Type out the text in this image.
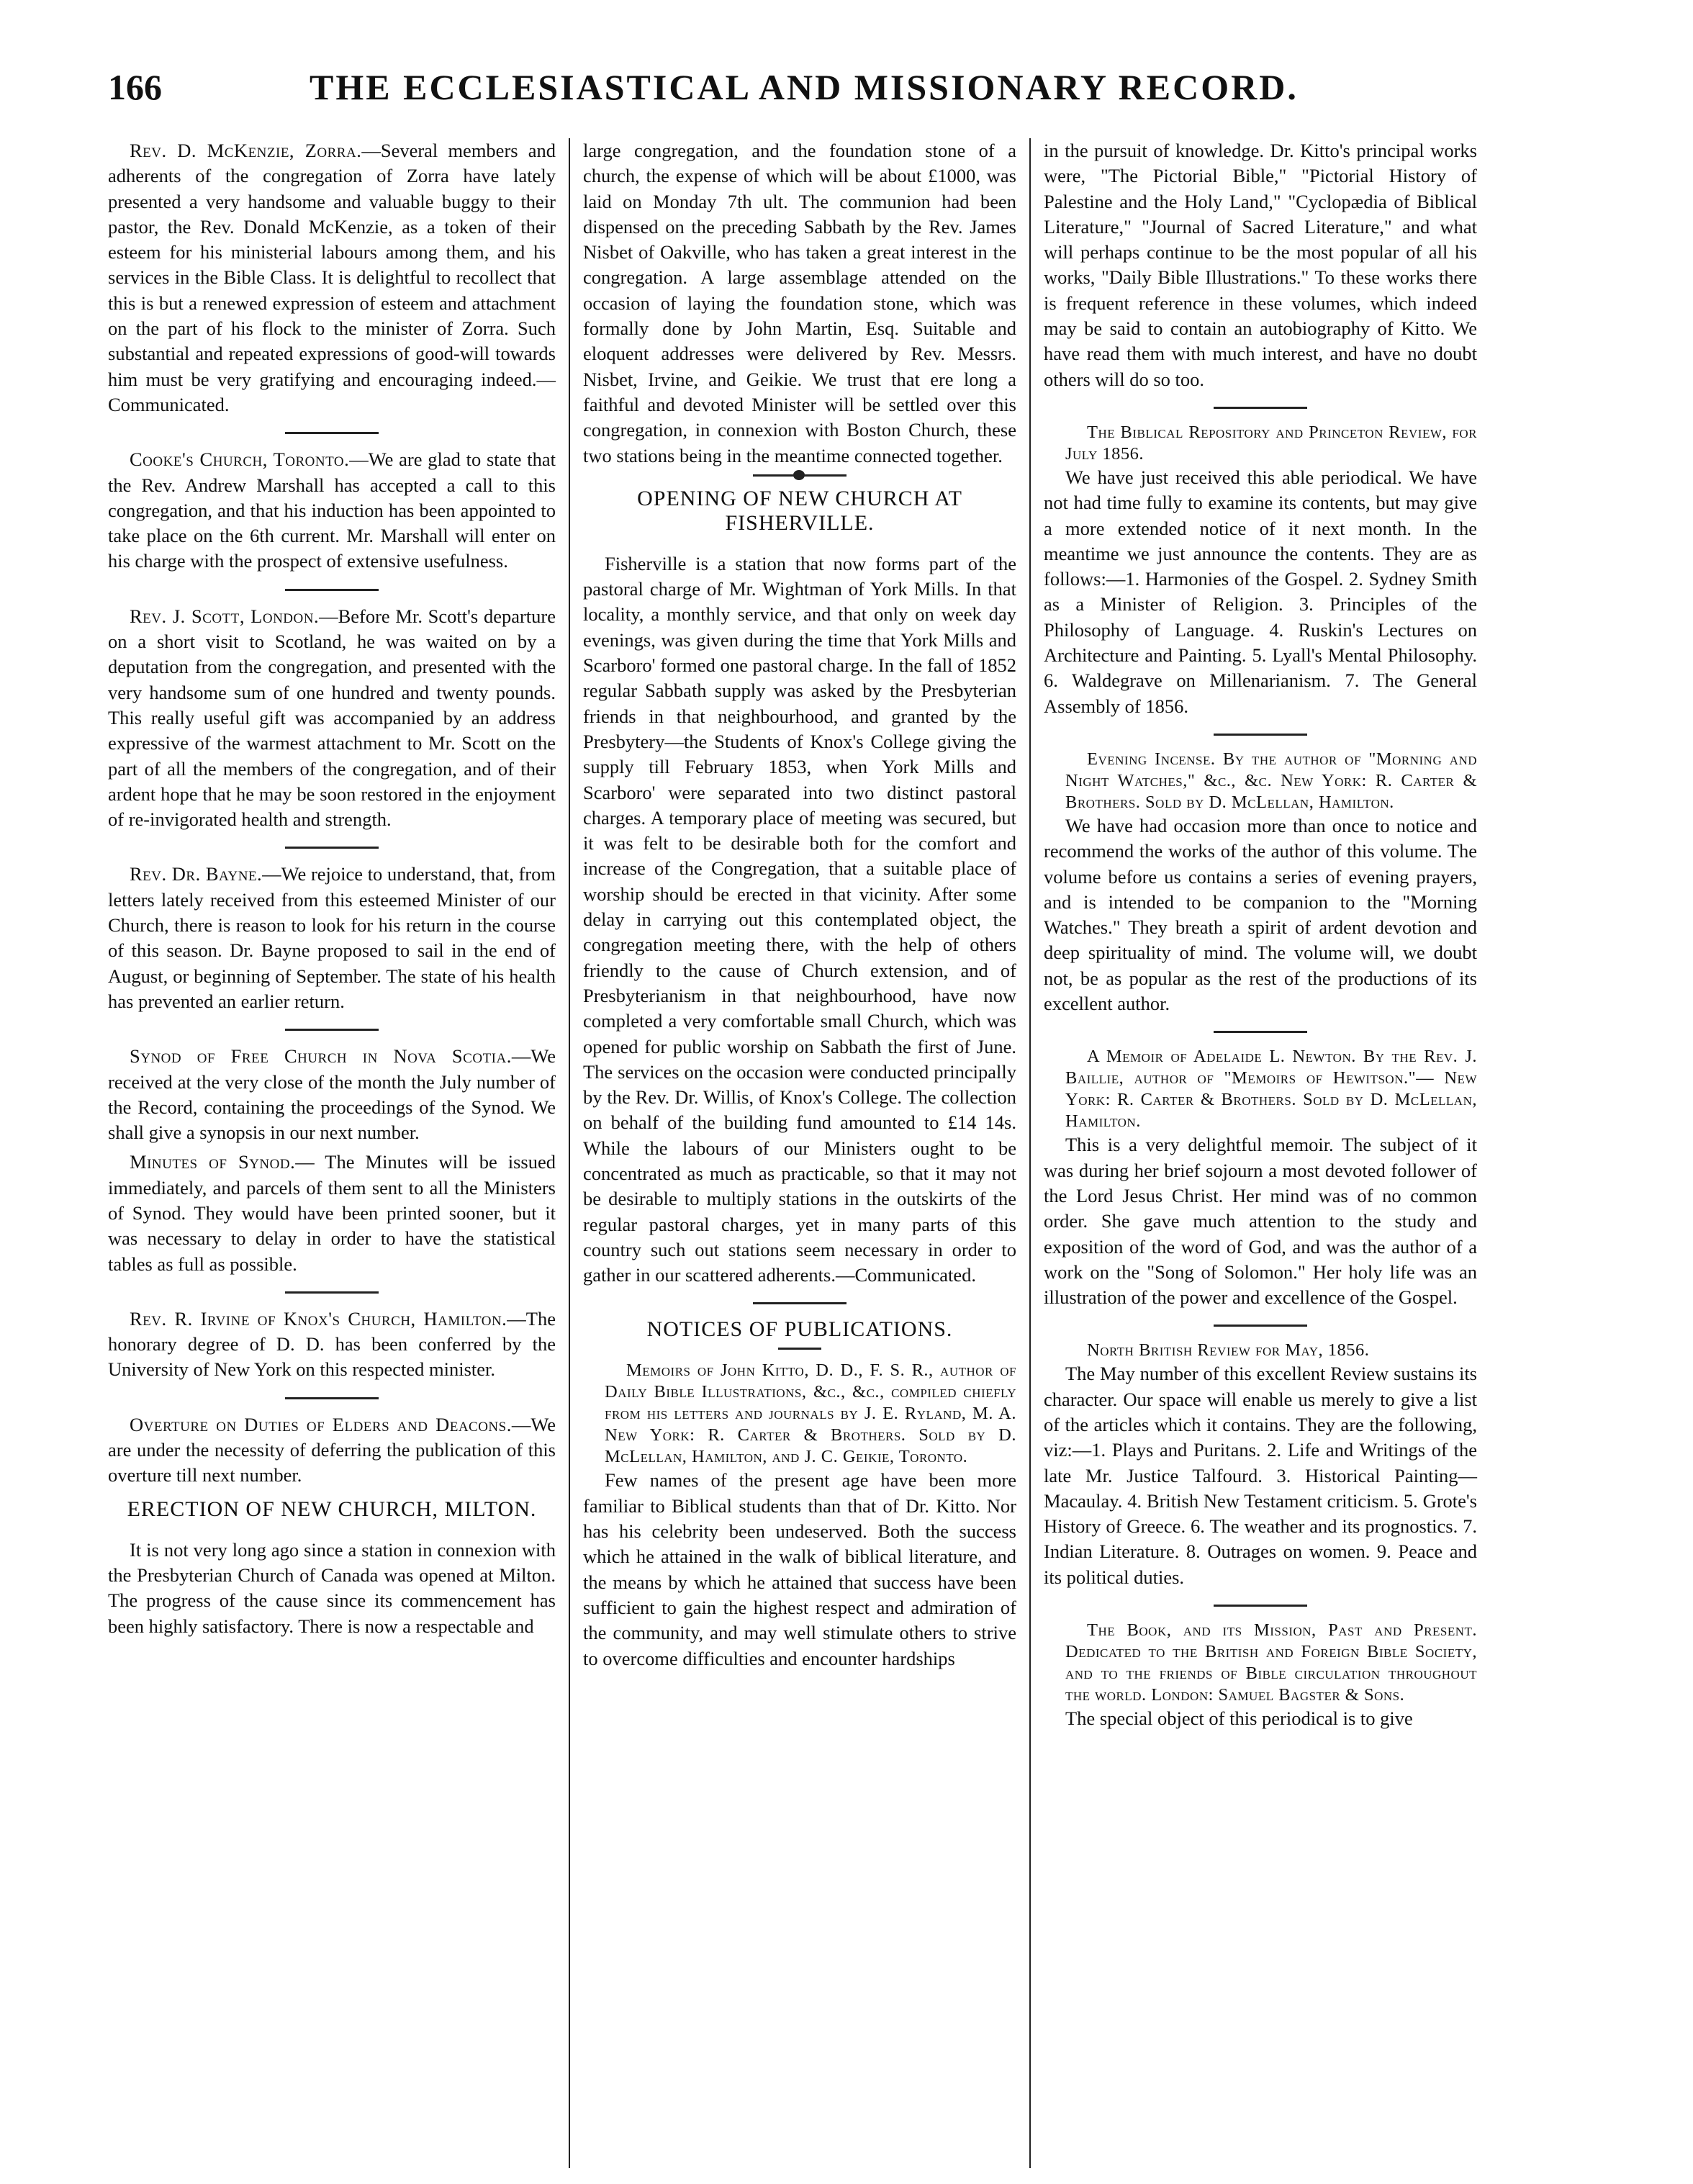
166	THE ECCLESIASTICAL AND MISSIONARY RECORD.

Rev. D. McKenzie, Zorra.—Several members and adherents of the congregation of Zorra have lately presented a very handsome and valuable buggy to their pastor, the Rev. Donald McKenzie, as a token of their esteem for his ministerial labours among them, and his services in the Bible Class. It is delightful to recollect that this is but a renewed expression of esteem and attachment on the part of his flock to the minister of Zorra. Such substantial and repeated expressions of good-will towards him must be very gratifying and encouraging indeed.—Communicated.

Cooke's Church, Toronto.—We are glad to state that the Rev. Andrew Marshall has accepted a call to this congregation, and that his induction has been appointed to take place on the 6th current. Mr. Marshall will enter on his charge with the prospect of extensive usefulness.

Rev. J. Scott, London.—Before Mr. Scott's departure on a short visit to Scotland, he was waited on by a deputation from the congregation, and presented with the very handsome sum of one hundred and twenty pounds. This really useful gift was accompanied by an address expressive of the warmest attachment to Mr. Scott on the part of all the members of the congregation, and of their ardent hope that he may be soon restored in the enjoyment of re-invigorated health and strength.

Rev. Dr. Bayne.—We rejoice to understand, that, from letters lately received from this esteemed Minister of our Church, there is reason to look for his return in the course of this season. Dr. Bayne proposed to sail in the end of August, or beginning of September. The state of his health has prevented an earlier return.

Synod of Free Church in Nova Scotia.—We received at the very close of the month the July number of the Record, containing the proceedings of the Synod. We shall give a synopsis in our next number.

Minutes of Synod.— The Minutes will be issued immediately, and parcels of them sent to all the Ministers of Synod. They would have been printed sooner, but it was necessary to delay in order to have the statistical tables as full as possible.

Rev. R. Irvine of Knox's Church, Hamilton.—The honorary degree of D. D. has been conferred by the University of New York on this respected minister.

Overture on Duties of Elders and Deacons.—We are under the necessity of deferring the publication of this overture till next number.

ERECTION OF NEW CHURCH, MILTON.

It is not very long ago since a station in connexion with the Presbyterian Church of Canada was opened at Milton. The progress of the cause since its commencement has been highly satisfactory. There is now a respectable and

large congregation, and the foundation stone of a church, the expense of which will be about £1000, was laid on Monday 7th ult. The communion had been dispensed on the preceding Sabbath by the Rev. James Nisbet of Oakville, who has taken a great interest in the congregation. A large assemblage attended on the occasion of laying the foundation stone, which was formally done by John Martin, Esq. Suitable and eloquent addresses were delivered by Rev. Messrs. Nisbet, Irvine, and Geikie. We trust that ere long a faithful and devoted Minister will be settled over this congregation, in connexion with Boston Church, these two stations being in the meantime connected together.

OPENING OF NEW CHURCH AT FISHERVILLE.

Fisherville is a station that now forms part of the pastoral charge of Mr. Wightman of York Mills. In that locality, a monthly service, and that only on week day evenings, was given during the time that York Mills and Scarboro' formed one pastoral charge. In the fall of 1852 regular Sabbath supply was asked by the Presbyterian friends in that neighbourhood, and granted by the Presbytery—the Students of Knox's College giving the supply till February 1853, when York Mills and Scarboro' were separated into two distinct pastoral charges. A temporary place of meeting was secured, but it was felt to be desirable both for the comfort and increase of the Congregation, that a suitable place of worship should be erected in that vicinity. After some delay in carrying out this contemplated object, the congregation meeting there, with the help of others friendly to the cause of Church extension, and of Presbyterianism in that neighbourhood, have now completed a very comfortable small Church, which was opened for public worship on Sabbath the first of June. The services on the occasion were conducted principally by the Rev. Dr. Willis, of Knox's College. The collection on behalf of the building fund amounted to £14 14s. While the labours of our Ministers ought to be concentrated as much as practicable, so that it may not be desirable to multiply stations in the outskirts of the regular pastoral charges, yet in many parts of this country such out stations seem necessary in order to gather in our scattered adherents.—Communicated.

NOTICES OF PUBLICATIONS.

Memoirs of John Kitto, D. D., F. S. R., author of Daily Bible Illustrations, &c., &c., compiled chiefly from his letters and journals by J. E. Ryland, M. A. New York: R. Carter & Brothers. Sold by D. McLellan, Hamilton, and J. C. Geikie, Toronto.

Few names of the present age have been more familiar to Biblical students than that of Dr. Kitto. Nor has his celebrity been undeserved. Both the success which he attained in the walk of biblical literature, and the means by which he attained that success have been sufficient to gain the highest respect and admiration of the community, and may well stimulate others to strive to overcome difficulties and encounter hardships

in the pursuit of knowledge. Dr. Kitto's principal works were, "The Pictorial Bible," "Pictorial History of Palestine and the Holy Land," "Cyclopædia of Biblical Literature," "Journal of Sacred Literature," and what will perhaps continue to be the most popular of all his works, "Daily Bible Illustrations." To these works there is frequent reference in these volumes, which indeed may be said to contain an autobiography of Kitto. We have read them with much interest, and have no doubt others will do so too.

The Biblical Repository and Princeton Review, for July 1856.

We have just received this able periodical. We have not had time fully to examine its contents, but may give a more extended notice of it next month. In the meantime we just announce the contents. They are as follows:—1. Harmonies of the Gospel. 2. Sydney Smith as a Minister of Religion. 3. Principles of the Philosophy of Language. 4. Ruskin's Lectures on Architecture and Painting. 5. Lyall's Mental Philosophy. 6. Waldegrave on Millenarianism. 7. The General Assembly of 1856.

Evening Incense. By the author of "Morning and Night Watches," &c., &c. New York: R. Carter & Brothers. Sold by D. McLellan, Hamilton.

We have had occasion more than once to notice and recommend the works of the author of this volume. The volume before us contains a series of evening prayers, and is intended to be companion to the "Morning Watches." They breath a spirit of ardent devotion and deep spirituality of mind. The volume will, we doubt not, be as popular as the rest of the productions of its excellent author.

A Memoir of Adelaide L. Newton. By the Rev. J. Baillie, author of "Memoirs of Hewitson."— New York: R. Carter & Brothers. Sold by D. McLellan, Hamilton.

This is a very delightful memoir. The subject of it was during her brief sojourn a most devoted follower of the Lord Jesus Christ. Her mind was of no common order. She gave much attention to the study and exposition of the word of God, and was the author of a work on the "Song of Solomon." Her holy life was an illustration of the power and excellence of the Gospel.

North British Review for May, 1856.

The May number of this excellent Review sustains its character. Our space will enable us merely to give a list of the articles which it contains. They are the following, viz:—1. Plays and Puritans. 2. Life and Writings of the late Mr. Justice Talfourd. 3. Historical Painting—Macaulay. 4. British New Testament criticism. 5. Grote's History of Greece. 6. The weather and its prognostics. 7. Indian Literature. 8. Outrages on women. 9. Peace and its political duties.

The Book, and its Mission, Past and Present. Dedicated to the British and Foreign Bible Society, and to the friends of Bible circulation throughout the world. London: Samuel Bagster & Sons.

The special object of this periodical is to give
